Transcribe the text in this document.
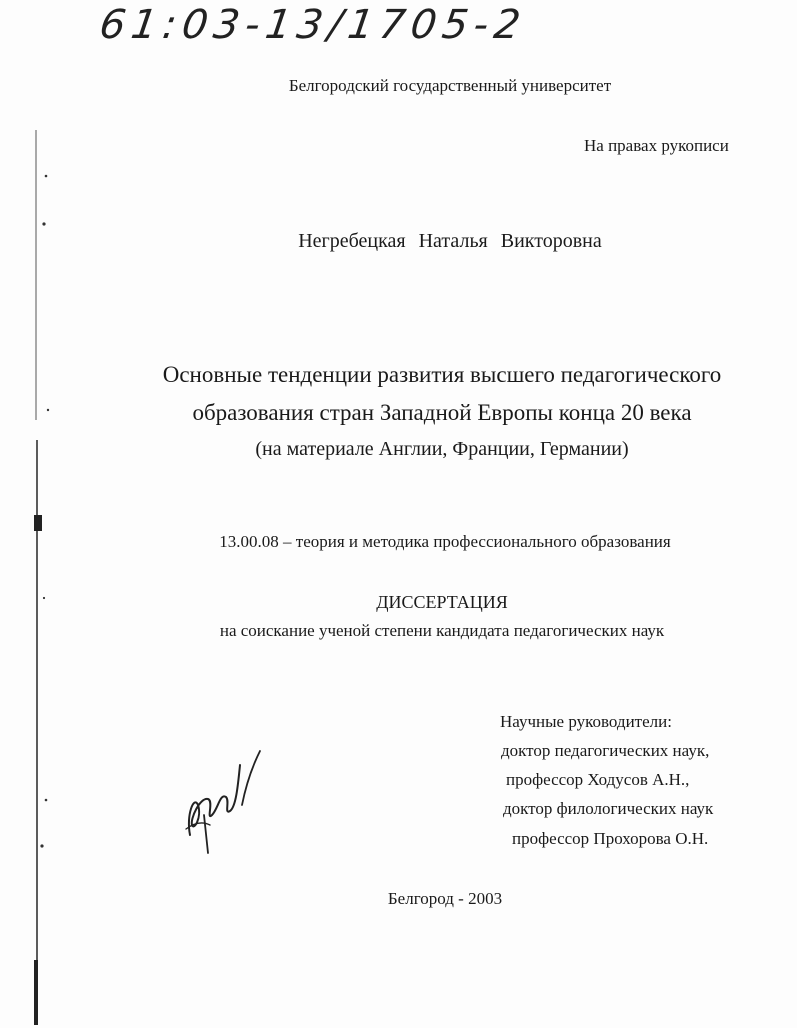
61:03-13/1705-2
Белгородский государственный университет
На правах рукописи
Негребецкая Наталья Викторовна
Основные тенденции развития высшего педагогического
образования стран Западной Европы конца 20 века
(на материале Англии, Франции, Германии)
13.00.08 – теория и методика профессионального образования
ДИССЕРТАЦИЯ
на соискание ученой степени кандидата педагогических наук
Научные руководители:
доктор педагогических наук,
профессор Ходусов А.Н.,
доктор филологических наук
профессор Прохорова О.Н.
Белгород - 2003
